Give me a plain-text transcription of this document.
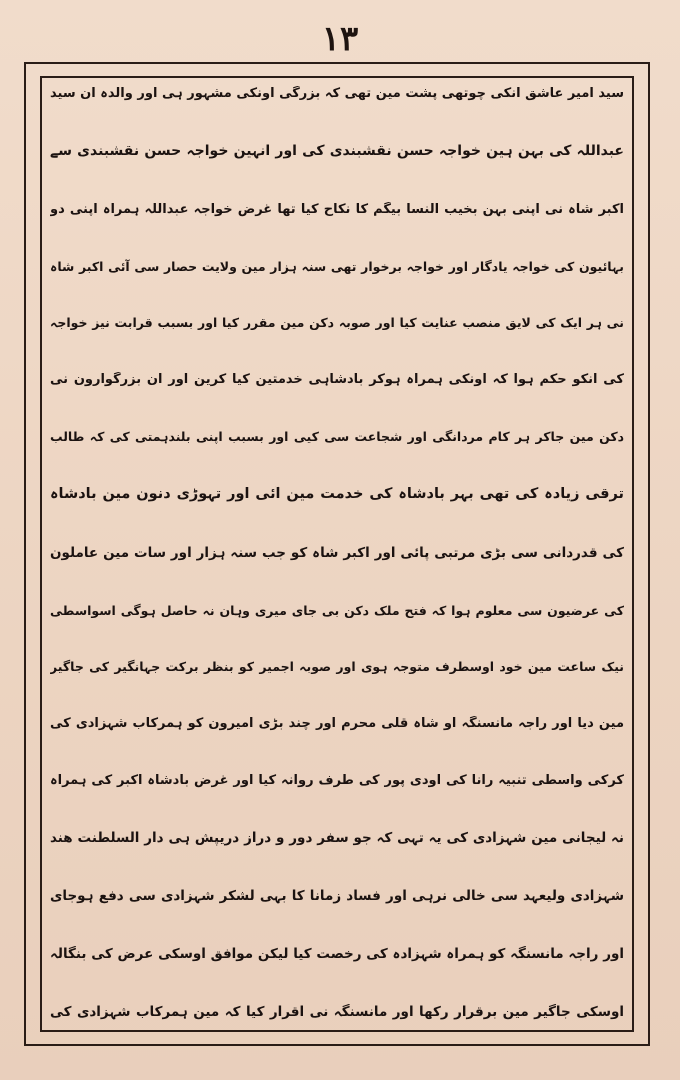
۱۳
سید امیر عاشق انکی چوتھی پشت مین تھی کہ بزرگی اونکی مشہور ہی اور والدہ ان سید
عبداللہ کی بہن ہین خواجہ حسن نقشبندی کی اور انہین خواجہ حسن نقشبندی سے
اکبر شاہ نی اپنی بہن بخیب النسا بیگم کا نکاح کیا تھا غرض خواجہ عبداللہ ہمراہ اپنی دو
بہائیون کی خواجہ یادگار اور خواجہ برخوار تھی سنہ ہزار مین ولایت حصار سی آئی اکبر شاہ
نی ہر ایک کی لایق منصب عنایت کیا اور صوبہ دکن مین مقرر کیا اور بسبب قرابت نیز خواجہ
کی انکو حکم ہوا کہ اونکی ہمراہ ہوکر بادشاہی خدمتین کیا کرین اور ان بزرگوارون نی
دکن مین جاکر ہر کام مردانگی اور شجاعت سی کیی اور بسبب اپنی بلندہمتی کی کہ طالب
ترقی زیادہ کی تھی بہر بادشاہ کی خدمت مین آئی اور تہوڑی دنون مین بادشاہ
کی قدردانی سی بڑی مرتبی پائی اور اکبر شاہ کو جب سنہ ہزار اور سات مین عاملون
کی عرضیون سی معلوم ہوا کہ فتح ملک دکن بی جای میری وہان نہ حاصل ہوگی اسواسطی
نیک ساعت مین خود اوسطرف متوجہ ہوی اور صوبہ اجمیر کو بنظر برکت جہانگیر کی جاگیر
مین دیا اور راجہ مانسنگہ او شاہ قلی محرم اور چند بڑی امیرون کو ہمرکاب شہزادی کی
کرکی واسطی تنبیہ رانا کی اودی پور کی طرف روانہ کیا اور غرض بادشاہ اکبر کی ہمراہ
نہ لیجانی مین شہزادی کی یہ تہی کہ جو سفر دور و دراز دریپش ہی دار السلطنت ھند
شہزادی ولیعہد سی خالی نرہی اور فساد زمانا کا بہی لشکر شہزادی سی دفع ہوجای
اور راجہ مانسنگہ کو ہمراہ شہزادہ کی رخصت کیا لیکن موافق اوسکی عرض کی بنگالہ
اوسکی جاگیر مین برقرار رکھا اور مانسنگہ نی اقرار کیا کہ مین ہمرکاب شہزادی کی
